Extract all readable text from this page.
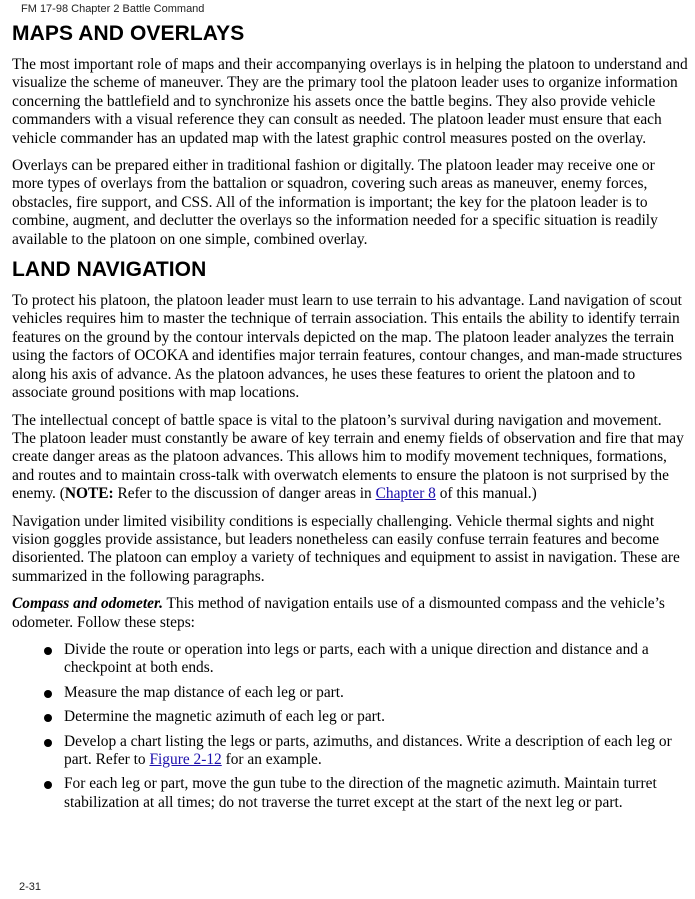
FM 17-98 Chapter 2 Battle Command
MAPS AND OVERLAYS

The most important role of maps and their accompanying overlays is in helping the platoon to understand and visualize the scheme of maneuver. They are the primary tool the platoon leader uses to organize information concerning the battlefield and to synchronize his assets once the battle begins. They also provide vehicle commanders with a visual reference they can consult as needed. The platoon leader must ensure that each vehicle commander has an updated map with the latest graphic control measures posted on the overlay.

Overlays can be prepared either in traditional fashion or digitally. The platoon leader may receive one or more types of overlays from the battalion or squadron, covering such areas as maneuver, enemy forces, obstacles, fire support, and CSS. All of the information is important; the key for the platoon leader is to combine, augment, and declutter the overlays so the information needed for a specific situation is readily available to the platoon on one simple, combined overlay.

LAND NAVIGATION

To protect his platoon, the platoon leader must learn to use terrain to his advantage. Land navigation of scout vehicles requires him to master the technique of terrain association. This entails the ability to identify terrain features on the ground by the contour intervals depicted on the map. The platoon leader analyzes the terrain using the factors of OCOKA and identifies major terrain features, contour changes, and man-made structures along his axis of advance. As the platoon advances, he uses these features to orient the platoon and to associate ground positions with map locations.

The intellectual concept of battle space is vital to the platoon’s survival during navigation and movement. The platoon leader must constantly be aware of key terrain and enemy fields of observation and fire that may create danger areas as the platoon advances. This allows him to modify movement techniques, formations, and routes and to maintain cross-talk with overwatch elements to ensure the platoon is not surprised by the enemy. (NOTE: Refer to the discussion of danger areas in Chapter 8 of this manual.)

Navigation under limited visibility conditions is especially challenging. Vehicle thermal sights and night vision goggles provide assistance, but leaders nonetheless can easily confuse terrain features and become disoriented. The platoon can employ a variety of techniques and equipment to assist in navigation. These are summarized in the following paragraphs.

Compass and odometer. This method of navigation entails use of a dismounted compass and the vehicle’s odometer. Follow these steps:

Divide the route or operation into legs or parts, each with a unique direction and distance and a checkpoint at both ends.
Measure the map distance of each leg or part.
Determine the magnetic azimuth of each leg or part.
Develop a chart listing the legs or parts, azimuths, and distances. Write a description of each leg or part. Refer to Figure 2-12 for an example.
For each leg or part, move the gun tube to the direction of the magnetic azimuth. Maintain turret stabilization at all times; do not traverse the turret except at the start of the next leg or part.
2-31
